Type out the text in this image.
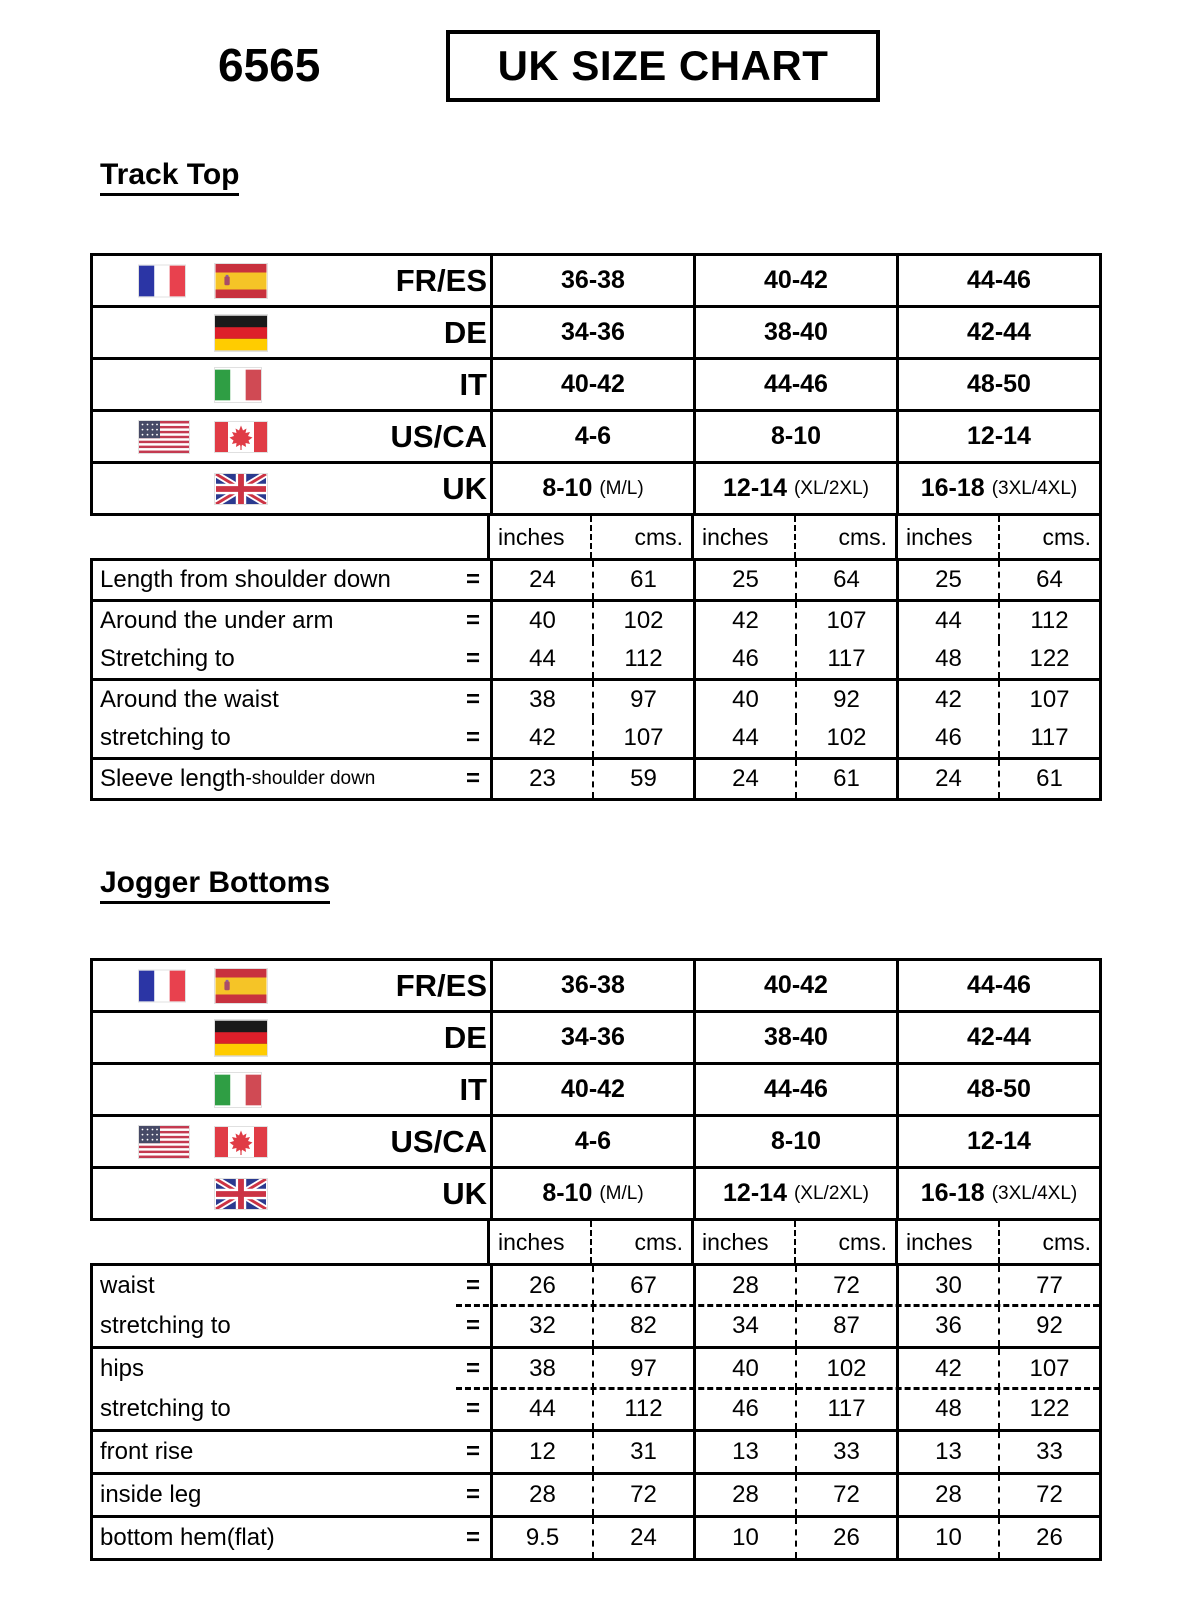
6565	UK SIZE CHART
Track Top
Jogger Bottoms
FR/ES	36-38	40-42	44-46
DE	34-36	38-40	42-44
IT	40-42	44-46	48-50
US/CA	4-6	8-10	12-14
UK 8-10 (M/L)	12-14 (XL/2XL) 16-18 (3XL/4XL)
inches	cms. inches	cms. inches	cms.
Length from shoulder down	=	24	61	25	64	25	64
Around the under arm	=	40	102	42	107	44	112
Stretching to	=	44	112	46	117	48	122
Around the waist	=	38	97	40	92	42	107
stretching to	=	42	107	44	102	46	117
Sleeve length -shoulder down	=	23	59	24	61	24	61
FR/ES	36-38	40-42	44-46
DE	34-36	38-40	42-44
IT	40-42	44-46	48-50
US/CA	4-6	8-10	12-14
UK 8-10 (M/L)	12-14 (XL/2XL) 16-18 (3XL/4XL)
inches	cms. inches	cms. inches	cms.
waist	=	26	67	28	72	30	77
stretching to	=	32	82	34	87	36	92
hips	=	38	97	40	102	42	107
stretching to	=	44	112	46	117	48	122
front rise	=	12	31	13	33	13	33
inside leg	=	28	72	28	72	28	72
bottom hem(flat)	=	9.5	24	10	26	10	26
